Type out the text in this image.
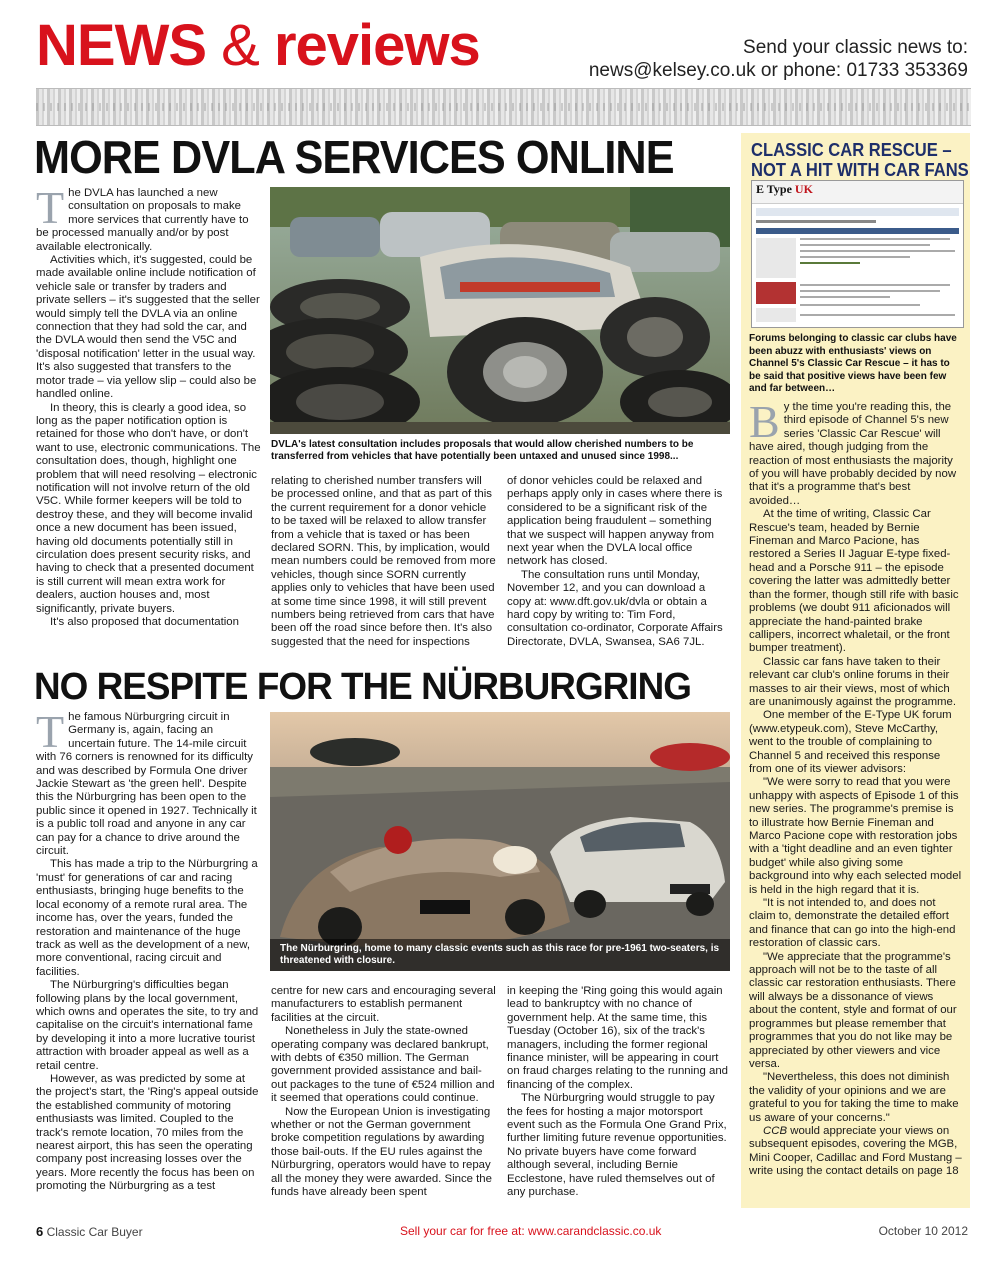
NEWS & reviews	Send your classic news to:
news@kelsey.co.uk or phone: 01733 353369
MORE DVLA SERVICES ONLINE

The DVLA has launched a new consultation on proposals to make more services that currently have to be processed manually and/or by post available electronically.

Activities which, it's suggested, could be made available online include notification of vehicle sale or transfer by traders and private sellers – it's suggested that the seller would simply tell the DVLA via an online connection that they had sold the car, and the DVLA would then send the V5C and 'disposal notification' letter in the usual way. It's also suggested that transfers to the motor trade – via yellow slip – could also be handled online.

In theory, this is clearly a good idea, so long as the paper notification option is retained for those who don't have, or don't want to use, electronic communications. The consultation does, though, highlight one problem that will need resolving – electronic notification will not involve return of the old V5C. While former keepers will be told to destroy these, and they will become invalid once a new document has been issued, having old documents potentially still in circulation does present security risks, and having to check that a presented document is still current will mean extra work for dealers, auction houses and, most significantly, private buyers.

It's also proposed that documentation

DVLA's latest consultation includes proposals that would allow cherished numbers to be transferred from vehicles that have potentially been untaxed and unused since 1998...

relating to cherished number transfers will be processed online, and that as part of this the current requirement for a donor vehicle to be taxed will be relaxed to allow transfer from a vehicle that is taxed or has been declared SORN. This, by implication, would mean numbers could be removed from more vehicles, though since SORN currently applies only to vehicles that have been used at some time since 1998, it will still prevent numbers being retrieved from cars that have been off the road since before then. It's also suggested that the need for inspections

of donor vehicles could be relaxed and perhaps apply only in cases where there is considered to be a significant risk of the application being fraudulent – something that we suspect will happen anyway from next year when the DVLA local office network has closed.

The consultation runs until Monday, November 12, and you can download a copy at: www.dft.gov.uk/dvla or obtain a hard copy by writing to: Tim Ford, consultation co-ordinator, Corporate Affairs Directorate, DVLA, Swansea, SA6 7JL.

NO RESPITE FOR THE NÜRBURGRING

The famous Nürburgring circuit in Germany is, again, facing an uncertain future. The 14-mile circuit with 76 corners is renowned for its difficulty and was described by Formula One driver Jackie Stewart as 'the green hell'. Despite this the Nürburgring has been open to the public since it opened in 1927. Technically it is a public toll road and anyone in any car can pay for a chance to drive around the circuit.

This has made a trip to the Nürburgring a 'must' for generations of car and racing enthusiasts, bringing huge benefits to the local economy of a remote rural area. The income has, over the years, funded the restoration and maintenance of the huge track as well as the development of a new, more conventional, racing circuit and facilities.

The Nürburgring's difficulties began following plans by the local government, which owns and operates the site, to try and capitalise on the circuit's international fame by developing it into a more lucrative tourist attraction with broader appeal as well as a retail centre.

However, as was predicted by some at the project's start, the 'Ring's appeal outside the established community of motoring enthusiasts was limited. Coupled to the track's remote location, 70 miles from the nearest airport, this has seen the operating company post increasing losses over the years. More recently the focus has been on promoting the Nürburgring as a test

The Nürburgring, home to many classic events such as this race for pre-1961 two-seaters, is threatened with closure.

centre for new cars and encouraging several manufacturers to establish permanent facilities at the circuit.

Nonetheless in July the state-owned operating company was declared bankrupt, with debts of €350 million. The German government provided assistance and bail-out packages to the tune of €524 million and it seemed that operations could continue.

Now the European Union is investigating whether or not the German government broke competition regulations by awarding those bail-outs. If the EU rules against the Nürburgring, operators would have to repay all the money they were awarded. Since the funds have already been spent

in keeping the 'Ring going this would again lead to bankruptcy with no chance of government help. At the same time, this Tuesday (October 16), six of the track's managers, including the former regional finance minister, will be appearing in court on fraud charges relating to the running and financing of the complex.

The Nürburgring would struggle to pay the fees for hosting a major motorsport event such as the Formula One Grand Prix, further limiting future revenue opportunities. No private buyers have come forward although several, including Bernie Ecclestone, have ruled themselves out of any purchase.

CLASSIC CAR RESCUE –
NOT A HIT WITH CAR FANS
E Type UK
Forums belonging to classic car clubs have been abuzz with enthusiasts' views on Channel 5's Classic Car Rescue – it has to be said that positive views have been few and far between…

By the time you're reading this, the third episode of Channel 5's new series 'Classic Car Rescue' will have aired, though judging from the reaction of most enthusiasts the majority of you will have probably decided by now that it's a programme that's best avoided…

At the time of writing, Classic Car Rescue's team, headed by Bernie Fineman and Marco Pacione, has restored a Series II Jaguar E-type fixed-head and a Porsche 911 – the episode covering the latter was admittedly better than the former, though still rife with basic problems (we doubt 911 aficionados will appreciate the hand-painted brake callipers, incorrect whaletail, or the front bumper treatment).

Classic car fans have taken to their relevant car club's online forums in their masses to air their views, most of which are unanimously against the programme.

One member of the E-Type UK forum (www.etypeuk.com), Steve McCarthy, went to the trouble of complaining to Channel 5 and received this response from one of its viewer advisors:

"We were sorry to read that you were unhappy with aspects of Episode 1 of this new series. The programme's premise is to illustrate how Bernie Fineman and Marco Pacione cope with restoration jobs with a 'tight deadline and an even tighter budget' while also giving some background into why each selected model is held in the high regard that it is.

"It is not intended to, and does not claim to, demonstrate the detailed effort and finance that can go into the high-end restoration of classic cars.

"We appreciate that the programme's approach will not be to the taste of all classic car restoration enthusiasts. There will always be a dissonance of views about the content, style and format of our programmes but please remember that programmes that you do not like may be appreciated by other viewers and vice versa.

"Nevertheless, this does not diminish the validity of your opinions and we are grateful to you for taking the time to make us aware of your concerns."

CCB would appreciate your views on subsequent episodes, covering the MGB, Mini Cooper, Cadillac and Ford Mustang – write using the contact details on page 18

6 Classic Car Buyer	Sell your car for free at: www.carandclassic.co.uk	October 10 2012
